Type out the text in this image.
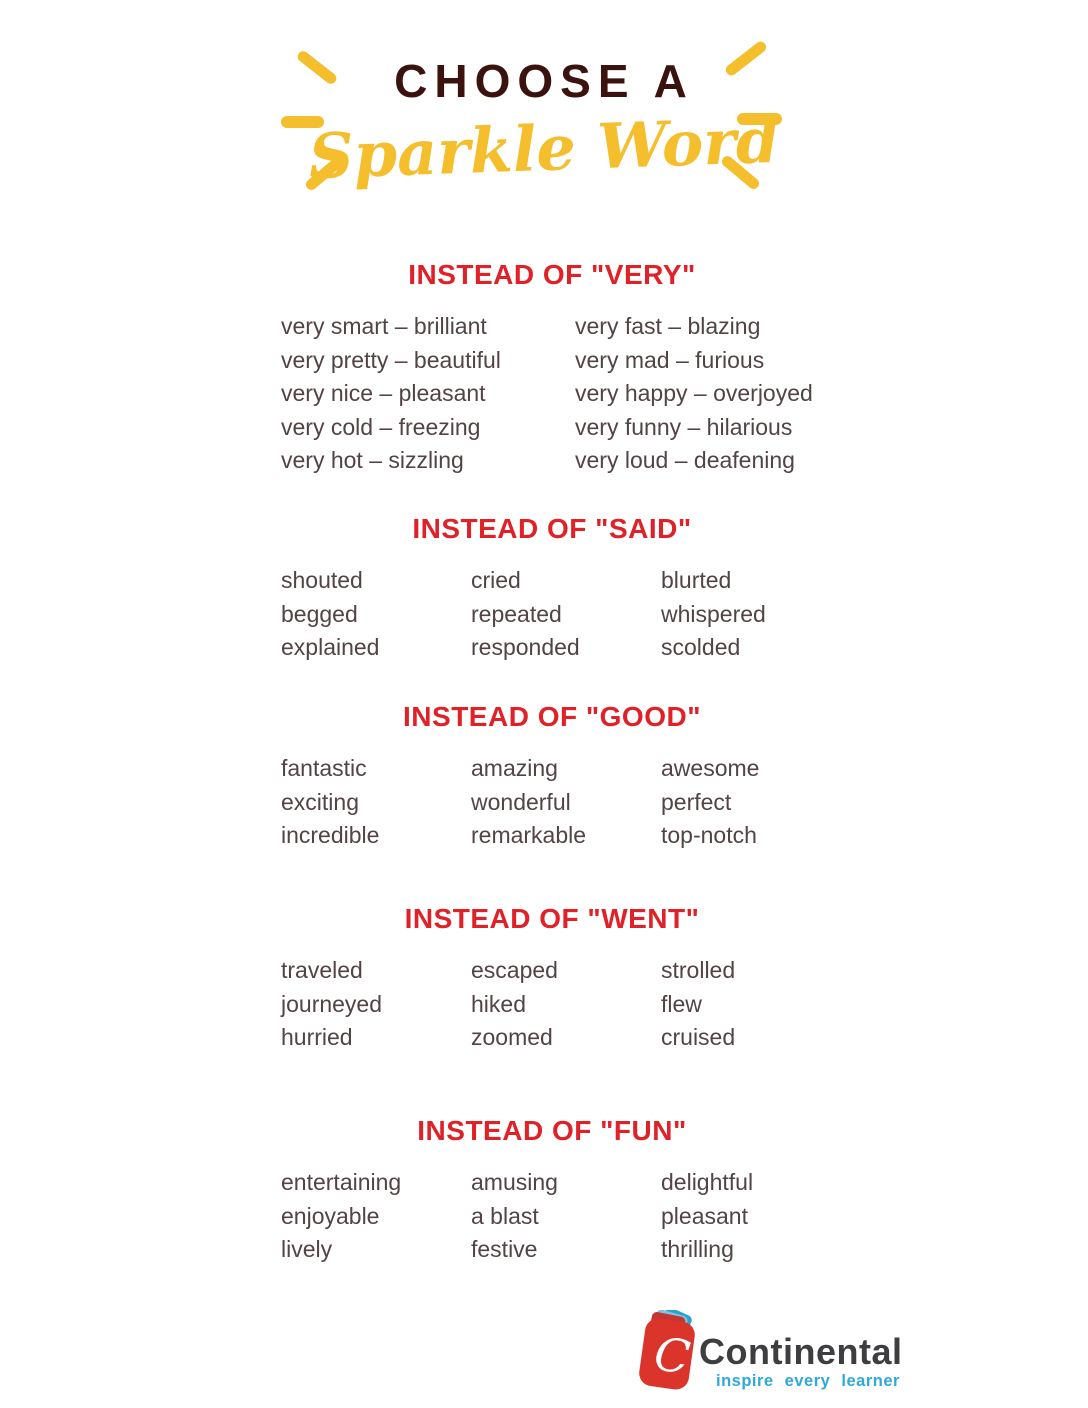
CHOOSE A
Sparkle Word
INSTEAD OF "VERY"
very smart – brilliant
very pretty – beautiful
very nice – pleasant
very cold – freezing
very hot – sizzling
very fast – blazing
very mad – furious
very happy – overjoyed
very funny – hilarious
very loud – deafening
INSTEAD OF "SAID"
shouted
begged
explained
cried
repeated
responded
blurted
whispered
scolded
INSTEAD OF "GOOD"
fantastic
exciting
incredible
amazing
wonderful
remarkable
awesome
perfect
top-notch
INSTEAD OF "WENT"
traveled
journeyed
hurried
escaped
hiked
zoomed
strolled
flew
cruised
INSTEAD OF "FUN"
entertaining
enjoyable
lively
amusing
a blast
festive
delightful
pleasant
thrilling
C Continental

inspire every learner
